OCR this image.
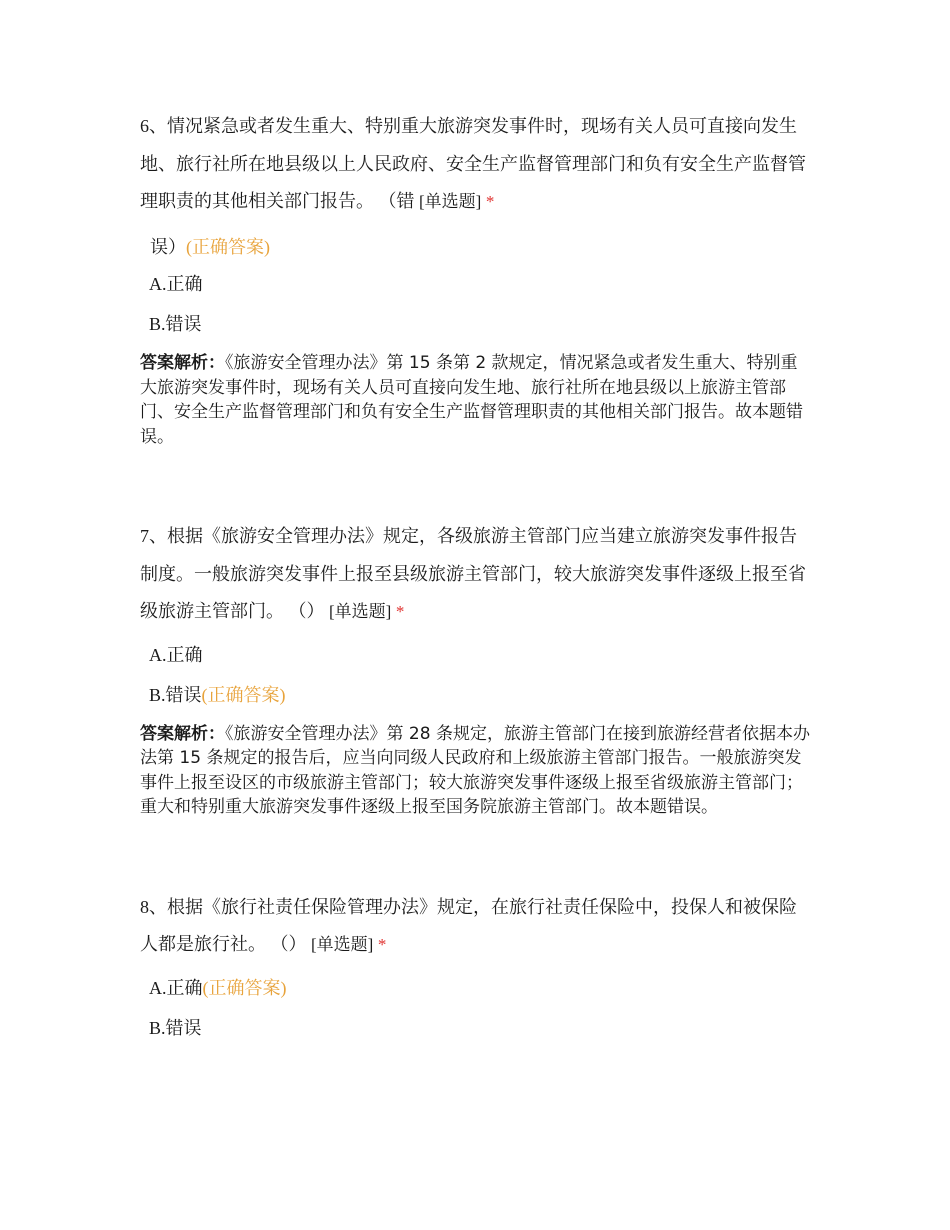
6、情况紧急或者发生重大、特别重大旅游突发事件时，现场有关人员可直接向发生地、旅行社所在地县级以上人民政府、安全生产监督管理部门和负有安全生产监督管理职责的其他相关部门报告。 （错 [单选题] *

误）(正确答案)

A.正确

B.错误

答案解析：《旅游安全管理办法》第 15 条第 2 款规定，情况紧急或者发生重大、特别重大旅游突发事件时，现场有关人员可直接向发生地、旅行社所在地县级以上旅游主管部门、安全生产监督管理部门和负有安全生产监督管理职责的其他相关部门报告。故本题错误。

7、根据《旅游安全管理办法》规定，各级旅游主管部门应当建立旅游突发事件报告制度。一般旅游突发事件上报至县级旅游主管部门，较大旅游突发事件逐级上报至省级旅游主管部门。 （） [单选题] *

A.正确

B.错误(正确答案)

答案解析：《旅游安全管理办法》第 28 条规定，旅游主管部门在接到旅游经营者依据本办法第 15 条规定的报告后，应当向同级人民政府和上级旅游主管部门报告。一般旅游突发事件上报至设区的市级旅游主管部门；较大旅游突发事件逐级上报至省级旅游主管部门；重大和特别重大旅游突发事件逐级上报至国务院旅游主管部门。故本题错误。

8、根据《旅行社责任保险管理办法》规定，在旅行社责任保险中，投保人和被保险人都是旅行社。 （） [单选题] *

A.正确(正确答案)

B.错误
